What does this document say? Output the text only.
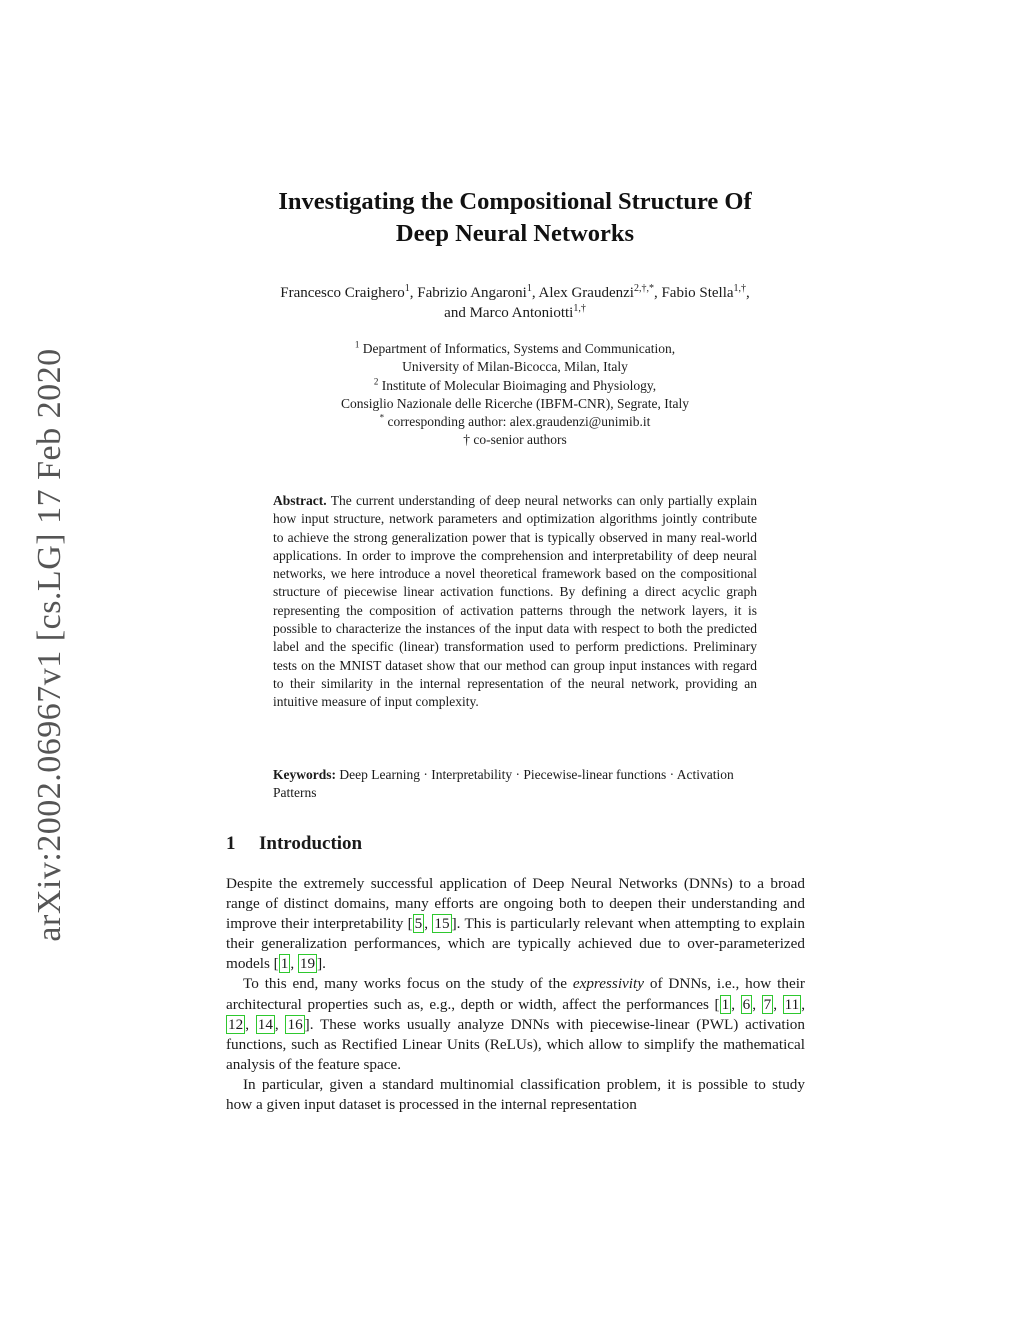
arXiv:2002.06967v1 [cs.LG] 17 Feb 2020
Investigating the Compositional Structure Of
Deep Neural Networks
Francesco Craighero$^1$, Fabrizio Angaroni$^1$, Alex Graudenzi$^{2,\dagger,*}$, Fabio Stella$^{1,\dagger}$,
and Marco Antoniotti$^{1,\dagger}$
$^1$ Department of Informatics, Systems and Communication,
University of Milan-Bicocca, Milan, Italy
$^2$ Institute of Molecular Bioimaging and Physiology,
Consiglio Nazionale delle Ricerche (IBFM-CNR), Segrate, Italy
* corresponding author: alex.graudenzi@unimib.it
† co-senior authors
Abstract. The current understanding of deep neural networks can only partially explain how input structure, network parameters and optimization algorithms jointly contribute to achieve the strong generalization power that is typically observed in many real-world applications. In order to improve the comprehension and interpretability of deep neural networks, we here introduce a novel theoretical framework based on the compositional structure of piecewise linear activation functions. By defining a direct acyclic graph representing the composition of activation patterns through the network layers, it is possible to characterize the instances of the input data with respect to both the predicted label and the specific (linear) transformation used to perform predictions. Preliminary tests on the MNIST dataset show that our method can group input instances with regard to their similarity in the internal representation of the neural network, providing an intuitive measure of input complexity.
Keywords: Deep Learning · Interpretability · Piecewise-linear functions · Activation Patterns
1 Introduction

Despite the extremely successful application of Deep Neural Networks (DNNs) to a broad range of distinct domains, many efforts are ongoing both to deepen their understanding and improve their interpretability [ 5 , 15 ]. This is particularly relevant when attempting to explain their generalization performances, which are typically achieved due to over-parameterized models [ 1 , 19 ].

To this end, many works focus on the study of the expressivity of DNNs, i.e., how their architectural properties such as, e.g., depth or width, affect the performances [ 1 , 6 , 7 , 11 , 12 , 14 , 16 ]. These works usually analyze DNNs with piecewise-linear (PWL) activation functions, such as Rectified Linear Units (ReLUs), which allow to simplify the mathematical analysis of the feature space.

In particular, given a standard multinomial classification problem, it is possible to study how a given input dataset is processed in the internal representation
